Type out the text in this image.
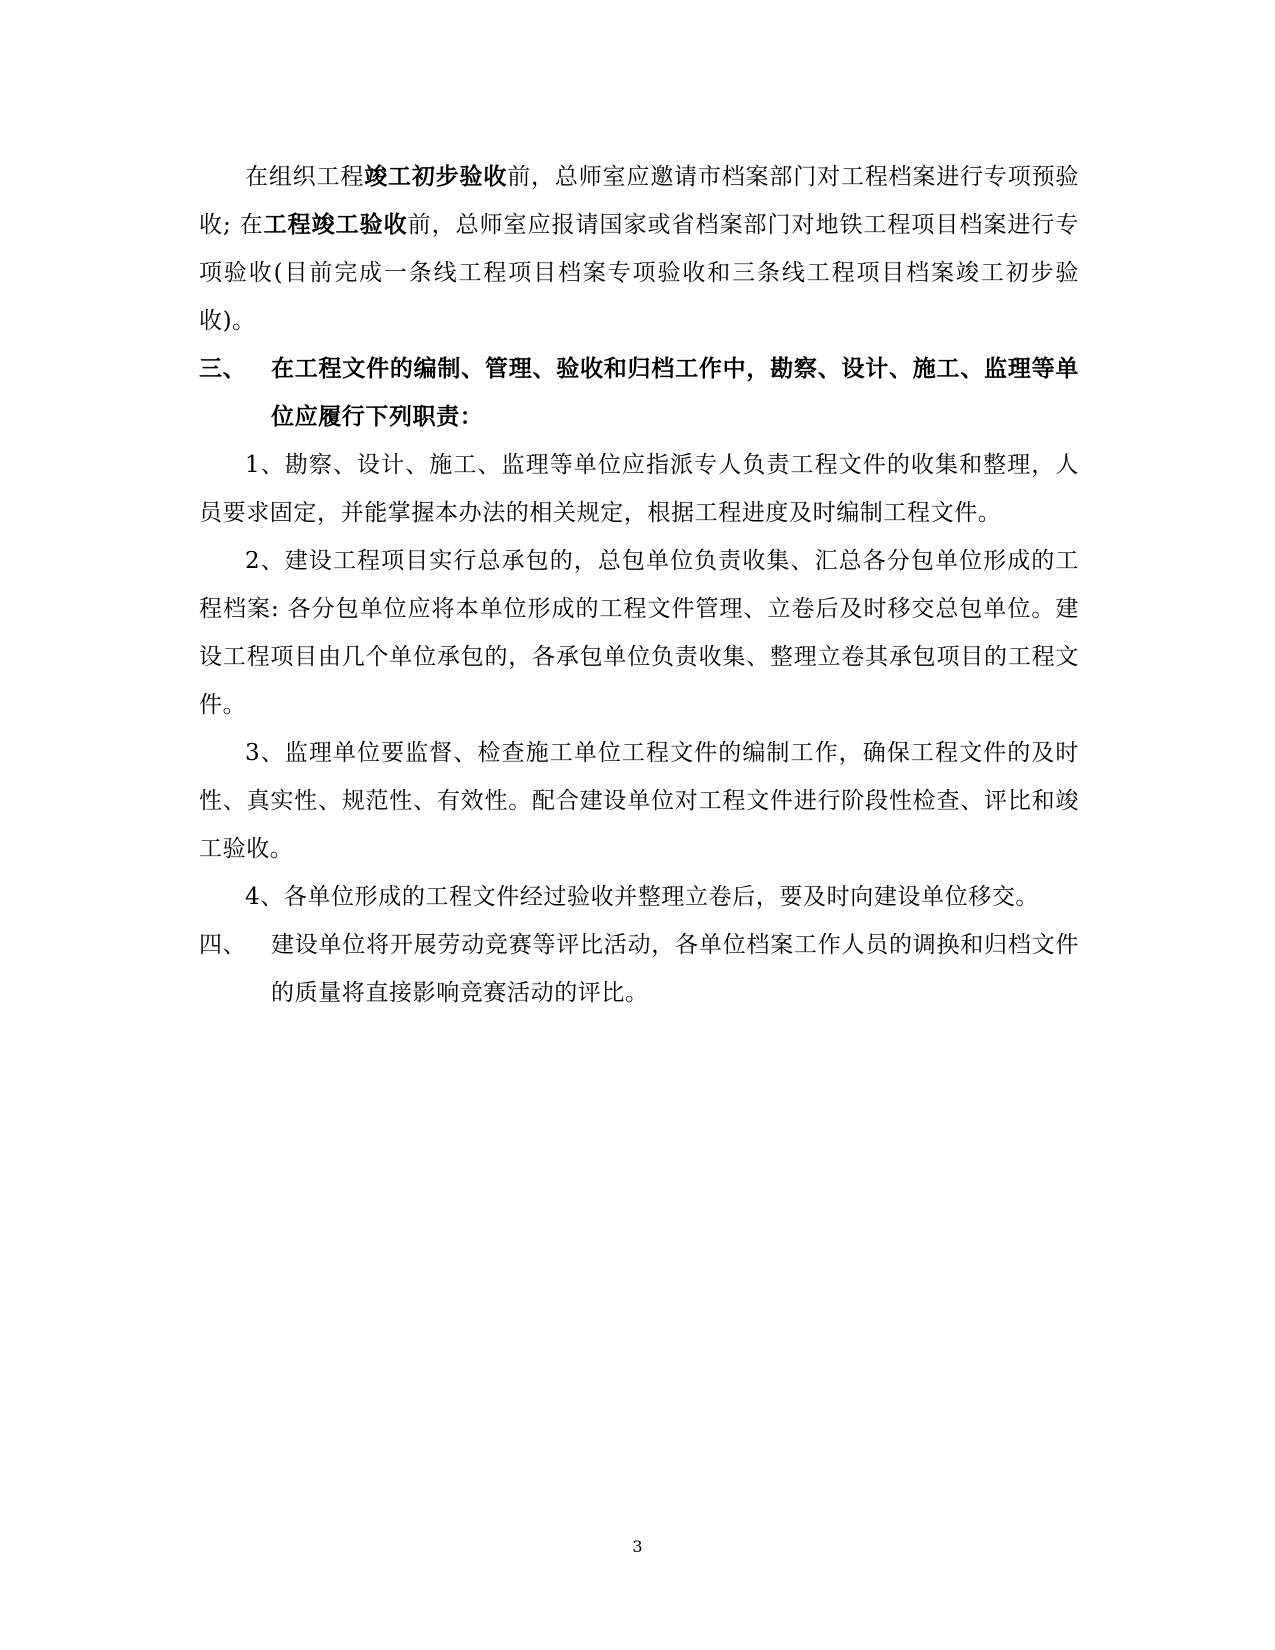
在组织工程竣工初步验收前，总师室应邀请市档案部门对工程档案进行专项预验收; 在工程竣工验收前，总师室应报请国家或省档案部门对地铁工程项目档案进行专项验收(目前完成一条线工程项目档案专项验收和三条线工程项目档案竣工初步验收)。

三、	在工程文件的编制、管理、验收和归档工作中，勘察、设计、施工、监理等单位应履行下列职责：

1、勘察、设计、施工、监理等单位应指派专人负责工程文件的收集和整理，人员要求固定，并能掌握本办法的相关规定，根据工程进度及时编制工程文件。

2、建设工程项目实行总承包的，总包单位负责收集、汇总各分包单位形成的工程档案: 各分包单位应将本单位形成的工程文件管理、立卷后及时移交总包单位。建设工程项目由几个单位承包的，各承包单位负责收集、整理立卷其承包项目的工程文件。

3、监理单位要监督、检查施工单位工程文件的编制工作，确保工程文件的及时性、真实性、规范性、有效性。配合建设单位对工程文件进行阶段性检查、评比和竣工验收。

4、各单位形成的工程文件经过验收并整理立卷后，要及时向建设单位移交。

四、	建设单位将开展劳动竞赛等评比活动，各单位档案工作人员的调换和归档文件的质量将直接影响竞赛活动的评比。
3
